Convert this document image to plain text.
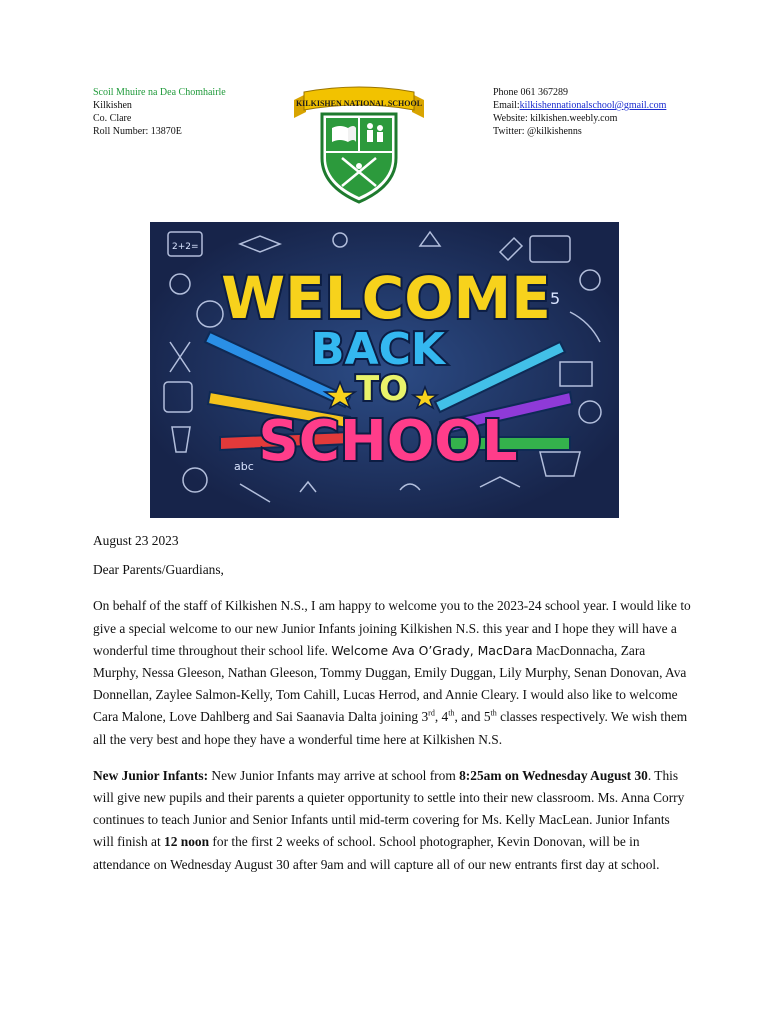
Scoil Mhuire na Dea Chomhairle
Kilkishen
Co. Clare
Roll Number: 13870E
KILKISHEN NATIONAL SCHOOL
Phone 061 367289
Email:kilkishennationalschool@gmail.com
Website: kilkishen.weebly.com
Twitter: @kilkishenns
2+2=
abc
5
WELCOME
BACK
TO
SCHOOL

August 23 2023

Dear Parents/Guardians,

On behalf of the staff of Kilkishen N.S., I am happy to welcome you to the 2023-24 school year. I would like to give a special welcome to our new Junior Infants joining Kilkishen N.S. this year and I hope they will have a wonderful time throughout their school life. Welcome Ava O’Grady, MacDara MacDonnacha, Zara Murphy, Nessa Gleeson, Nathan Gleeson, Tommy Duggan, Emily Duggan, Lily Murphy, Senan Donovan, Ava Donnellan, Zaylee Salmon-Kelly, Tom Cahill, Lucas Herrod, and Annie Cleary. I would also like to welcome Cara Malone, Love Dahlberg and Sai Saanavia Dalta joining 3rd, 4th, and 5th classes respectively. We wish them all the very best and hope they have a wonderful time here at Kilkishen N.S.

New Junior Infants: New Junior Infants may arrive at school from 8:25am on Wednesday August 30. This will give new pupils and their parents a quieter opportunity to settle into their new classroom. Ms. Anna Corry continues to teach Junior and Senior Infants until mid-term covering for Ms. Kelly MacLean. Junior Infants will finish at 12 noon for the first 2 weeks of school. School photographer, Kevin Donovan, will be in attendance on Wednesday August 30 after 9am and will capture all of our new entrants first day at school.
